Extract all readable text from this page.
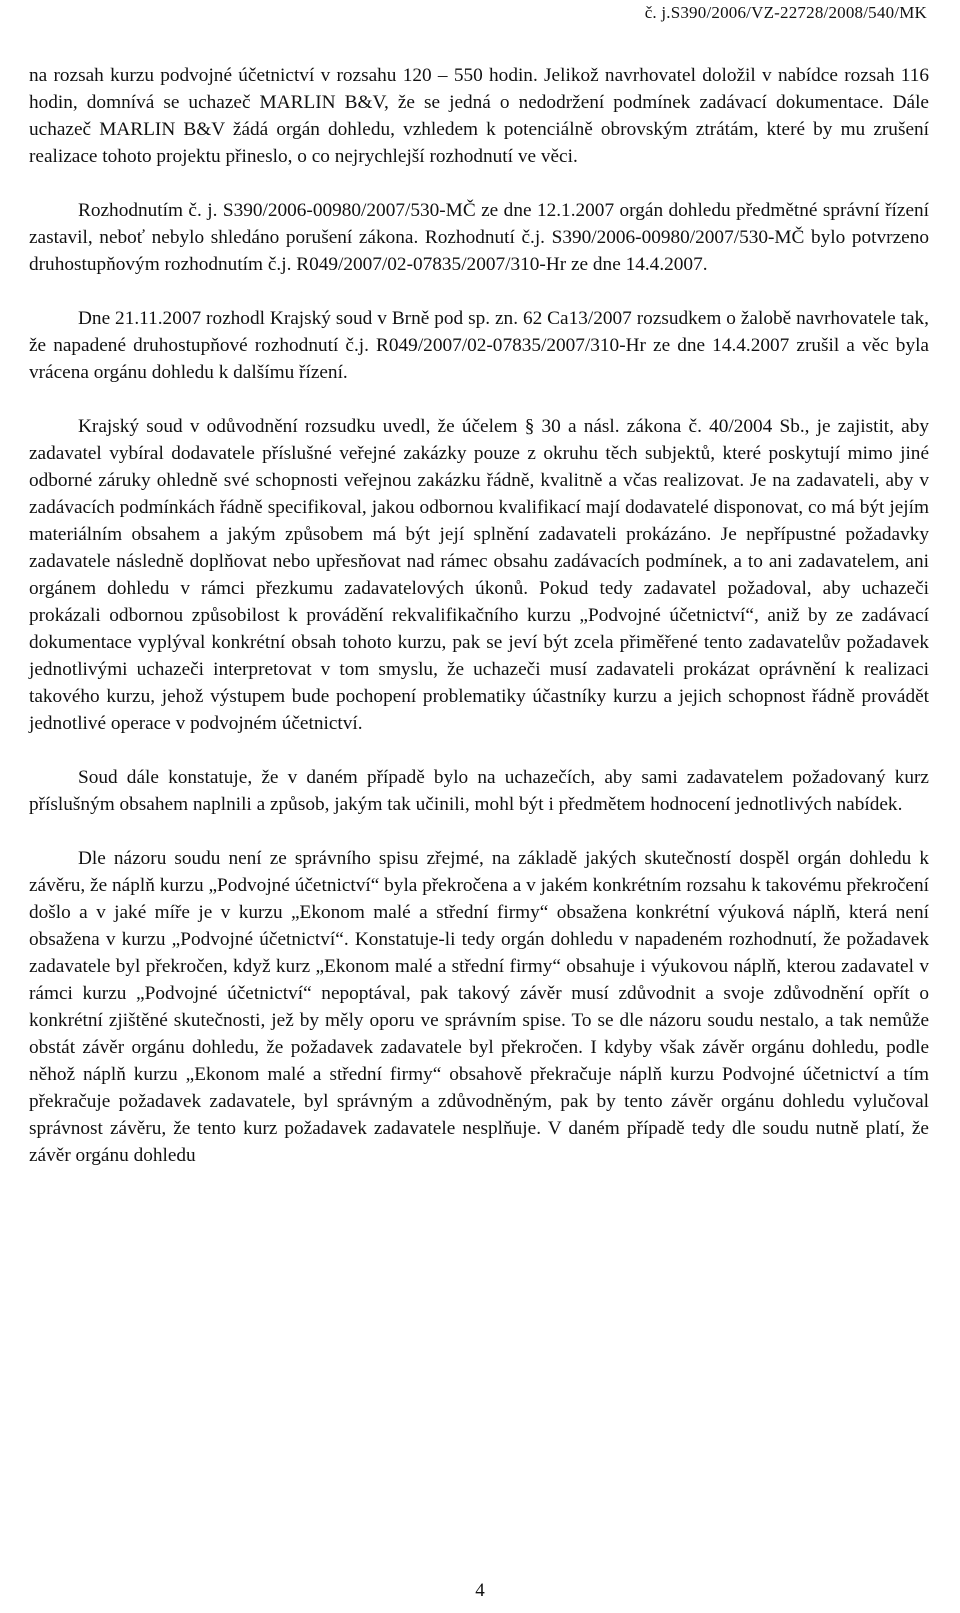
č. j.S390/2006/VZ-22728/2008/540/MK

na rozsah kurzu podvojné účetnictví v rozsahu 120 – 550 hodin. Jelikož navrhovatel doložil v nabídce rozsah 116 hodin, domnívá se uchazeč MARLIN B&V, že se jedná o nedodržení podmínek zadávací dokumentace. Dále uchazeč MARLIN B&V žádá orgán dohledu, vzhledem k potenciálně obrovským ztrátám, které by mu zrušení realizace tohoto projektu přineslo, o co nejrychlejší rozhodnutí ve věci.

Rozhodnutím č. j. S390/2006-00980/2007/530-MČ ze dne 12.1.2007 orgán dohledu předmětné správní řízení zastavil, neboť nebylo shledáno porušení zákona. Rozhodnutí č.j. S390/2006-00980/2007/530-MČ bylo potvrzeno druhostupňovým rozhodnutím č.j. R049/2007/02-07835/2007/310-Hr ze dne 14.4.2007.

Dne 21.11.2007 rozhodl Krajský soud v Brně pod sp. zn. 62 Ca13/2007 rozsudkem o žalobě navrhovatele tak, že napadené druhostupňové rozhodnutí č.j. R049/2007/02-07835/2007/310-Hr ze dne 14.4.2007 zrušil a věc byla vrácena orgánu dohledu k dalšímu řízení.

Krajský soud v odůvodnění rozsudku uvedl, že účelem § 30 a násl. zákona č. 40/2004 Sb., je zajistit, aby zadavatel vybíral dodavatele příslušné veřejné zakázky pouze z okruhu těch subjektů, které poskytují mimo jiné odborné záruky ohledně své schopnosti veřejnou zakázku řádně, kvalitně a včas realizovat. Je na zadavateli, aby v zadávacích podmínkách řádně specifikoval, jakou odbornou kvalifikací mají dodavatelé disponovat, co má být jejím materiálním obsahem a jakým způsobem má být její splnění zadavateli prokázáno. Je nepřípustné požadavky zadavatele následně doplňovat nebo upřesňovat nad rámec obsahu zadávacích podmínek, a to ani zadavatelem, ani orgánem dohledu v rámci přezkumu zadavatelových úkonů. Pokud tedy zadavatel požadoval, aby uchazeči prokázali odbornou způsobilost k provádění rekvalifikačního kurzu „Podvojné účetnictví“, aniž by ze zadávací dokumentace vyplýval konkrétní obsah tohoto kurzu, pak se jeví být zcela přiměřené tento zadavatelův požadavek jednotlivými uchazeči interpretovat v tom smyslu, že uchazeči musí zadavateli prokázat oprávnění k realizaci takového kurzu, jehož výstupem bude pochopení problematiky účastníky kurzu a jejich schopnost řádně provádět jednotlivé operace v podvojném účetnictví.

Soud dále konstatuje, že v daném případě bylo na uchazečích, aby sami zadavatelem požadovaný kurz příslušným obsahem naplnili a způsob, jakým tak učinili, mohl být i předmětem hodnocení jednotlivých nabídek.

Dle názoru soudu není ze správního spisu zřejmé, na základě jakých skutečností dospěl orgán dohledu k závěru, že náplň kurzu „Podvojné účetnictví“ byla překročena a v jakém konkrétním rozsahu k takovému překročení došlo a v jaké míře je v kurzu „Ekonom malé a střední firmy“ obsažena konkrétní výuková náplň, která není obsažena v kurzu „Podvojné účetnictví“. Konstatuje-li tedy orgán dohledu v napadeném rozhodnutí, že požadavek zadavatele byl překročen, když kurz „Ekonom malé a střední firmy“ obsahuje i výukovou náplň, kterou zadavatel v rámci kurzu „Podvojné účetnictví“ nepoptával, pak takový závěr musí zdůvodnit a svoje zdůvodnění opřít o konkrétní zjištěné skutečnosti, jež by měly oporu ve správním spise. To se dle názoru soudu nestalo, a tak nemůže obstát závěr orgánu dohledu, že požadavek zadavatele byl překročen. I kdyby však závěr orgánu dohledu, podle něhož náplň kurzu „Ekonom malé a střední firmy“ obsahově překračuje náplň kurzu Podvojné účetnictví a tím překračuje požadavek zadavatele, byl správným a zdůvodněným, pak by tento závěr orgánu dohledu vylučoval správnost závěru, že tento kurz požadavek zadavatele nesplňuje. V daném případě tedy dle soudu nutně platí, že závěr orgánu dohledu

4
